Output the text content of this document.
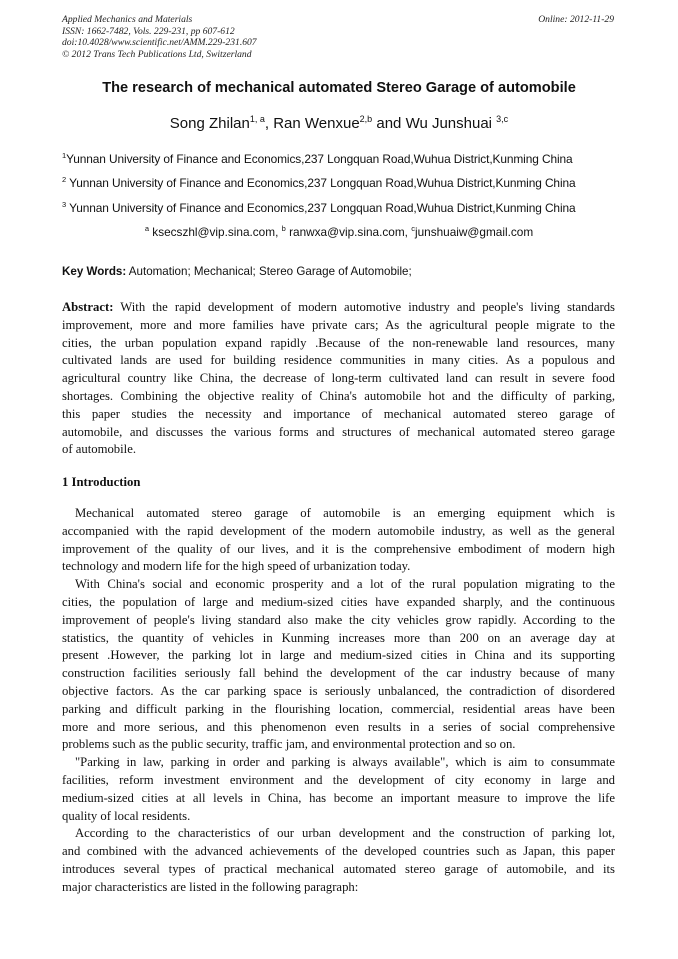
Applied Mechanics and Materials
ISSN: 1662-7482, Vols. 229-231, pp 607-612
doi:10.4028/www.scientific.net/AMM.229-231.607
© 2012 Trans Tech Publications Ltd, Switzerland
Online: 2012-11-29
The research of mechanical automated Stereo Garage of automobile
Song Zhilan$^{1, a}$, Ran Wenxue$^{2,b}$ and Wu Junshuai $^{3,c}$
$^1$Yunnan University of Finance and Economics,237 Longquan Road,Wuhua District,Kunming China
$^2$ Yunnan University of Finance and Economics,237 Longquan Road,Wuhua District,Kunming China
$^3$ Yunnan University of Finance and Economics,237 Longquan Road,Wuhua District,Kunming China
$^a$ ksecszhl@vip.sina.com, $^b$ ranwxa@vip.sina.com, $^c$junshuaiw@gmail.com
Key Words: Automation; Mechanical; Stereo Garage of Automobile;
Abstract: With the rapid development of modern automotive industry and people's living standards
improvement, more and more families have private cars; As the agricultural people migrate to the
cities, the urban population expand rapidly .Because of the non-renewable land resources, many
cultivated lands are used for building residence communities in many cities. As a populous and
agricultural country like China, the decrease of long-term cultivated land can result in severe food
shortages. Combining the objective reality of China's automobile hot and the difficulty of parking,
this paper studies the necessity and importance of mechanical automated stereo garage of
automobile, and discusses the various forms and structures of mechanical automated stereo garage
of automobile.
1 Introduction
Mechanical automated stereo garage of automobile is an emerging equipment which is
accompanied with the rapid development of the modern automobile industry, as well as the general
improvement of the quality of our lives, and it is the comprehensive embodiment of modern high
technology and modern life for the high speed of urbanization today.
With China's social and economic prosperity and a lot of the rural population migrating to the
cities, the population of large and medium-sized cities have expanded sharply, and the continuous
improvement of people's living standard also make the city vehicles grow rapidly. According to the
statistics, the quantity of vehicles in Kunming increases more than 200 on an average day at
present .However, the parking lot in large and medium-sized cities in China and its supporting
construction facilities seriously fall behind the development of the car industry because of many
objective factors. As the car parking space is seriously unbalanced, the contradiction of disordered
parking and difficult parking in the flourishing location, commercial, residential areas have been
more and more serious, and this phenomenon even results in a series of social comprehensive
problems such as the public security, traffic jam, and environmental protection and so on.
"Parking in law, parking in order and parking is always available", which is aim to consummate
facilities, reform investment environment and the development of city economy in large and
medium-sized cities at all levels in China, has become an important measure to improve the life
quality of local residents.
According to the characteristics of our urban development and the construction of parking lot,
and combined with the advanced achievements of the developed countries such as Japan, this paper
introduces several types of practical mechanical automated stereo garage of automobile, and its
major characteristics are listed in the following paragraph:
